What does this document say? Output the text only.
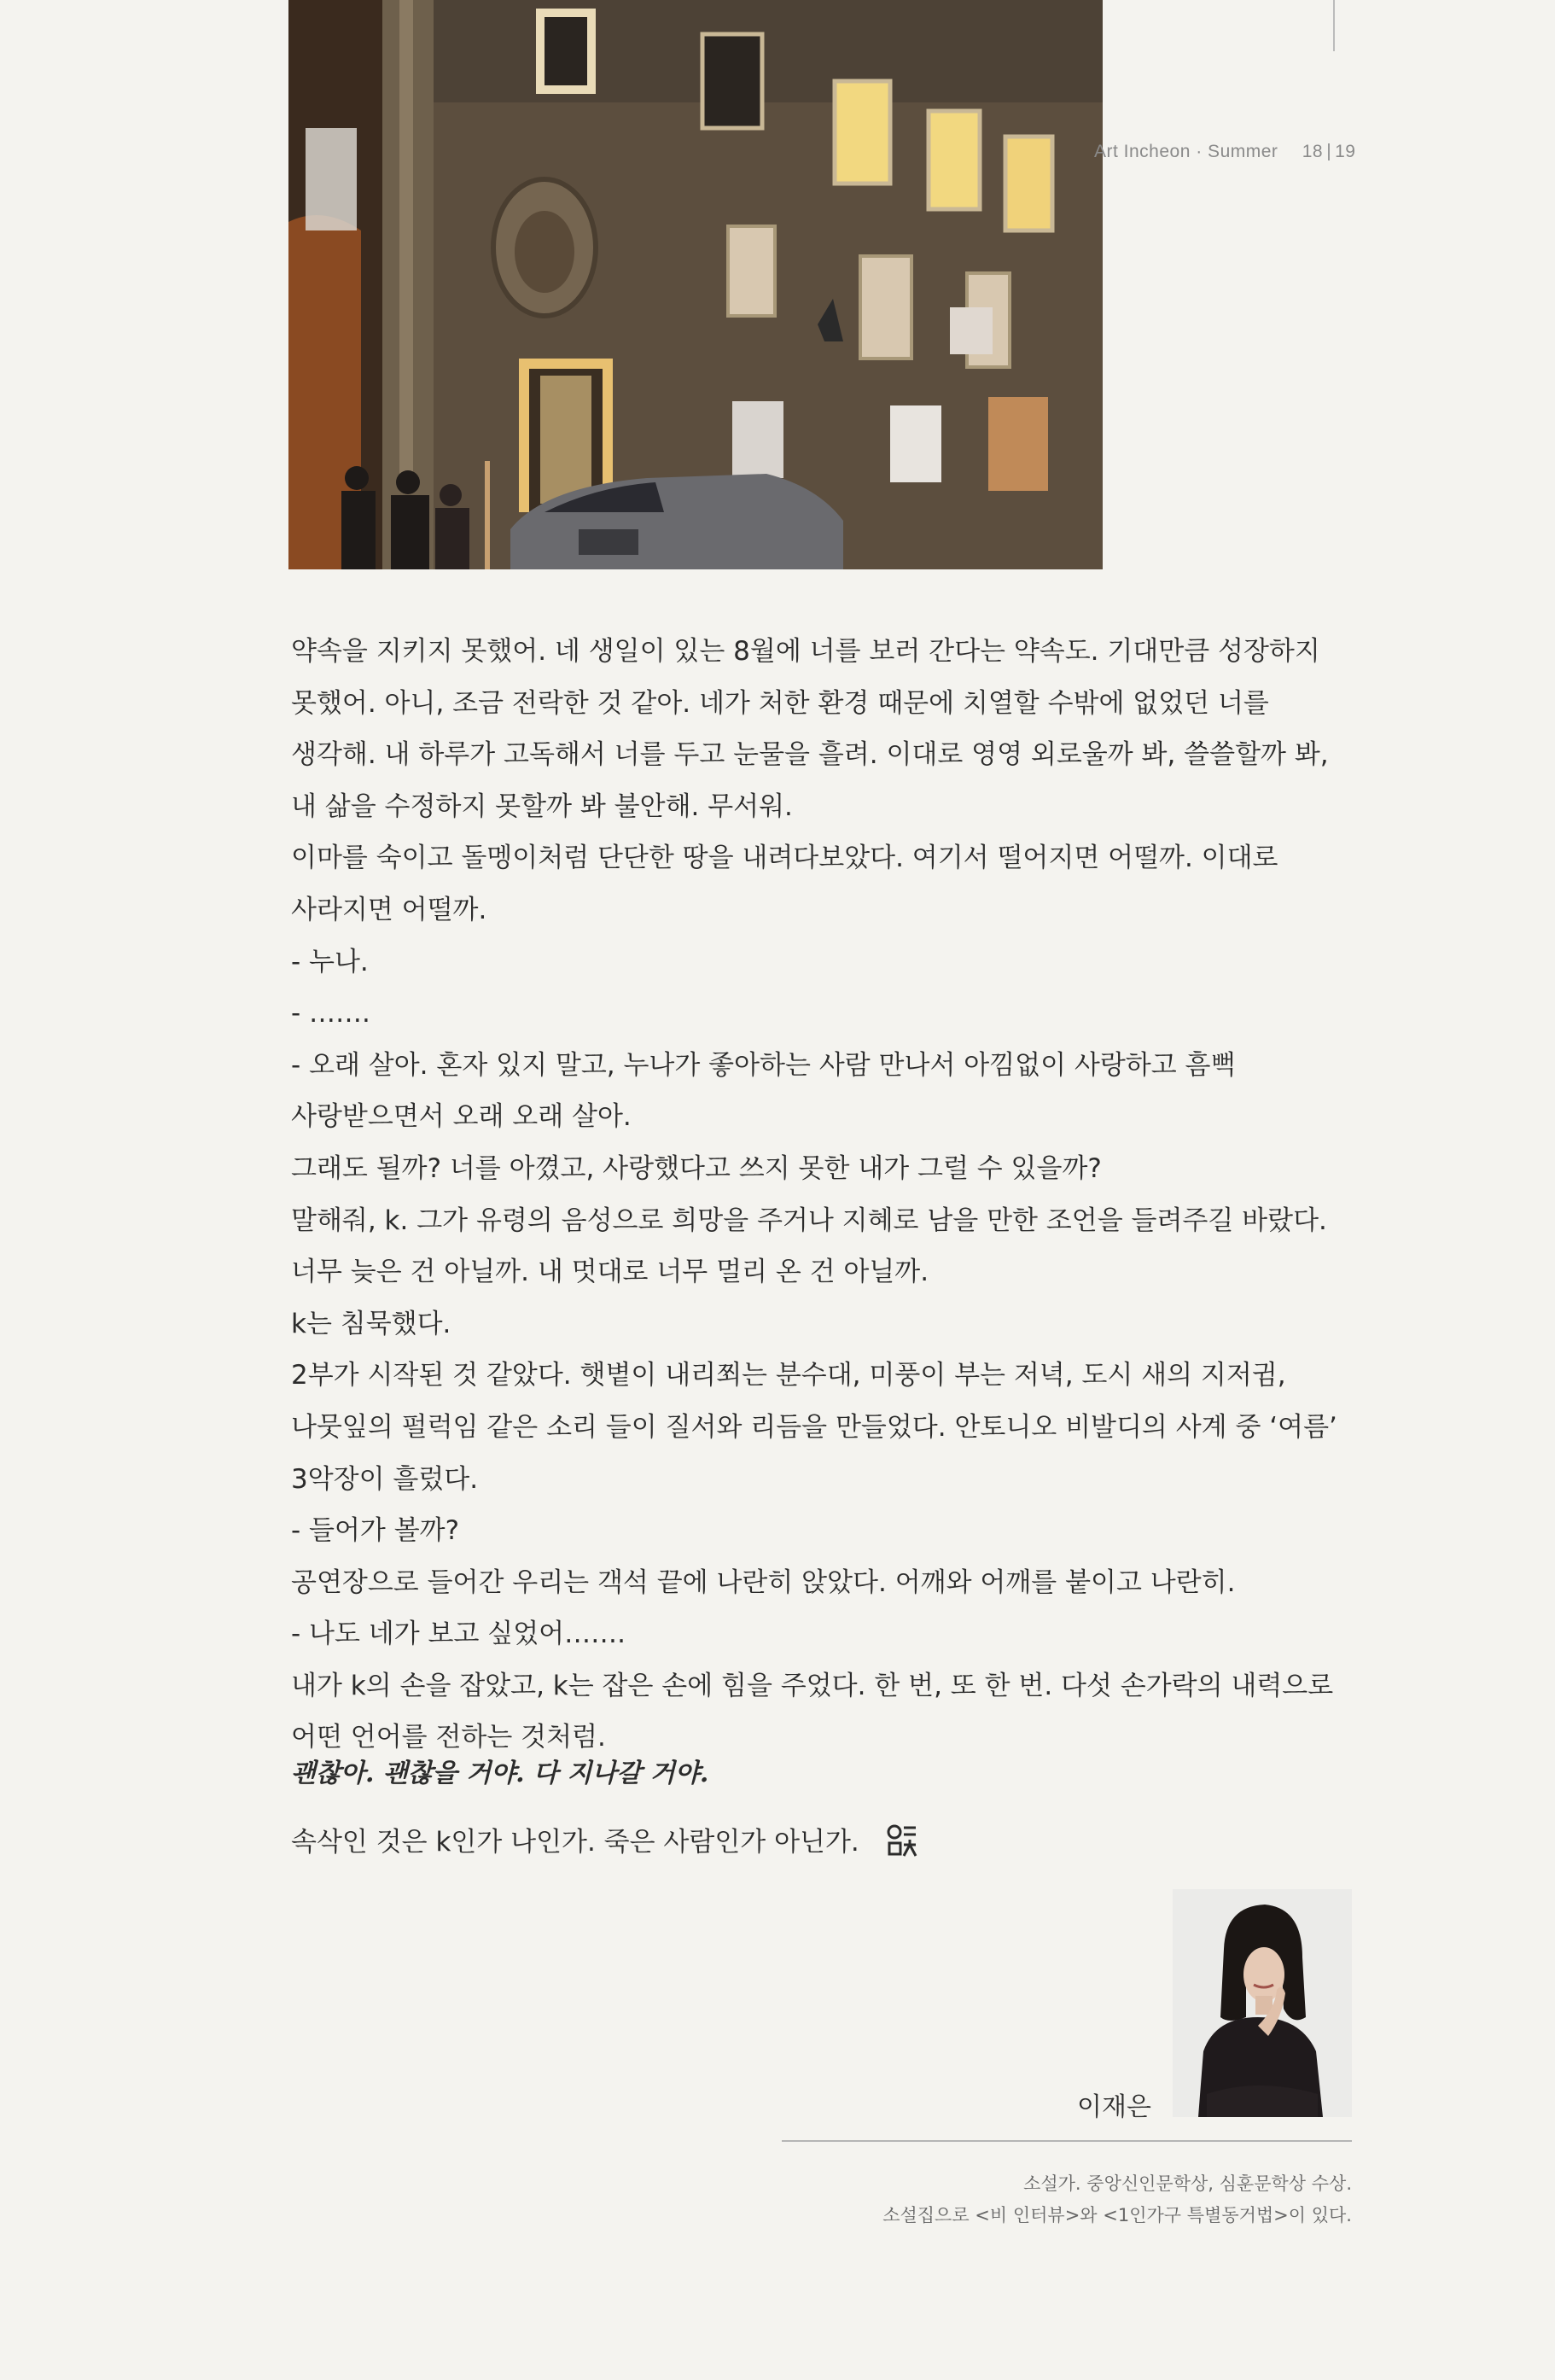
Art Incheon · Summer 18 19

약속을 지키지 못했어. 네 생일이 있는 8월에 너를 보러 간다는 약속도. 기대만큼 성장하지

못했어. 아니, 조금 전락한 것 같아. 네가 처한 환경 때문에 치열할 수밖에 없었던 너를

생각해. 내 하루가 고독해서 너를 두고 눈물을 흘려. 이대로 영영 외로울까 봐, 쓸쓸할까 봐,

내 삶을 수정하지 못할까 봐 불안해. 무서워.

이마를 숙이고 돌멩이처럼 단단한 땅을 내려다보았다. 여기서 떨어지면 어떨까. 이대로

사라지면 어떨까.

- 누나.

- …….

- 오래 살아. 혼자 있지 말고, 누나가 좋아하는 사람 만나서 아낌없이 사랑하고 흠뻑

사랑받으면서 오래 오래 살아.

그래도 될까? 너를 아꼈고, 사랑했다고 쓰지 못한 내가 그럴 수 있을까?

말해줘, k. 그가 유령의 음성으로 희망을 주거나 지혜로 남을 만한 조언을 들려주길 바랐다.

너무 늦은 건 아닐까. 내 멋대로 너무 멀리 온 건 아닐까.

k는 침묵했다.

2부가 시작된 것 같았다. 햇볕이 내리쬐는 분수대, 미풍이 부는 저녁, 도시 새의 지저귐,

나뭇잎의 펄럭임 같은 소리 들이 질서와 리듬을 만들었다. 안토니오 비발디의 사계 중 ‘여름’

3악장이 흘렀다.

- 들어가 볼까?

공연장으로 들어간 우리는 객석 끝에 나란히 앉았다. 어깨와 어깨를 붙이고 나란히.

- 나도 네가 보고 싶었어…….

내가 k의 손을 잡았고, k는 잡은 손에 힘을 주었다. 한 번, 또 한 번. 다섯 손가락의 내력으로

어떤 언어를 전하는 것처럼.

괜찮아. 괜찮을 거야. 다 지나갈 거야.
속삭인 것은 k인가 나인가. 죽은 사람인가 아닌가.
이재은

소설가. 중앙신인문학상, 심훈문학상 수상.

소설집으로 <비 인터뷰>와 <1인가구 특별동거법>이 있다.
